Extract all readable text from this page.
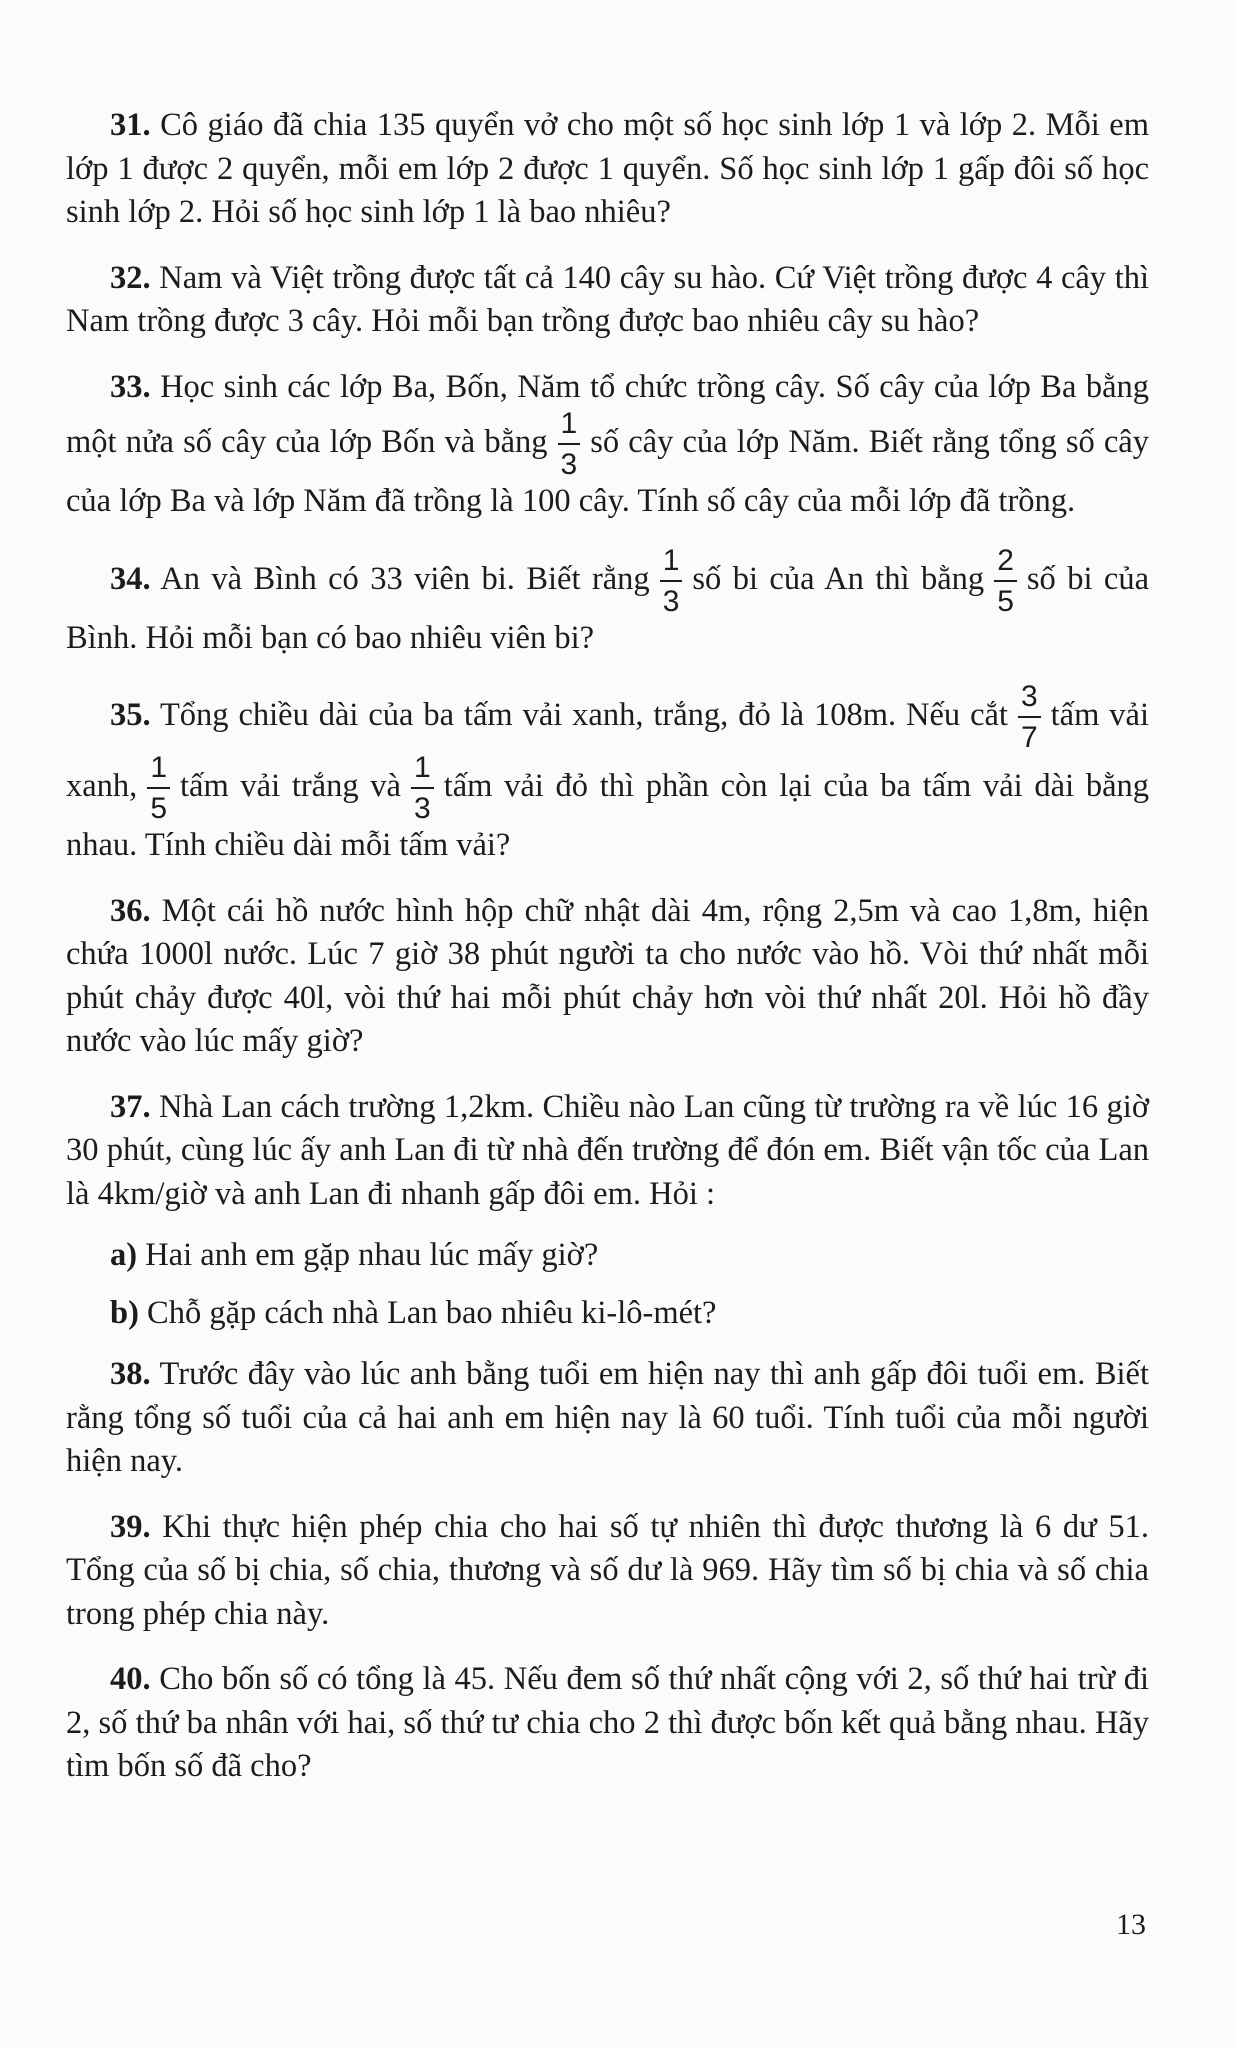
31. Cô giáo đã chia 135 quyển vở cho một số học sinh lớp 1 và lớp 2. Mỗi em lớp 1 được 2 quyển, mỗi em lớp 2 được 1 quyển. Số học sinh lớp 1 gấp đôi số học sinh lớp 2. Hỏi số học sinh lớp 1 là bao nhiêu?
32. Nam và Việt trồng được tất cả 140 cây su hào. Cứ Việt trồng được 4 cây thì Nam trồng được 3 cây. Hỏi mỗi bạn trồng được bao nhiêu cây su hào?
33. Học sinh các lớp Ba, Bốn, Năm tổ chức trồng cây. Số cây của lớp Ba bằng một nửa số cây của lớp Bốn và bằng $\frac{1}{3}$ số cây của lớp Năm. Biết rằng tổng số cây của lớp Ba và lớp Năm đã trồng là 100 cây. Tính số cây của mỗi lớp đã trồng.
34. An và Bình có 33 viên bi. Biết rằng $\frac{1}{3}$ số bi của An thì bằng $\frac{2}{5}$ số bi của Bình. Hỏi mỗi bạn có bao nhiêu viên bi?
35. Tổng chiều dài của ba tấm vải xanh, trắng, đỏ là 108m. Nếu cắt $\frac{3}{7}$ tấm vải xanh, $\frac{1}{5}$ tấm vải trắng và $\frac{1}{3}$ tấm vải đỏ thì phần còn lại của ba tấm vải dài bằng nhau. Tính chiều dài mỗi tấm vải?
36. Một cái hồ nước hình hộp chữ nhật dài 4m, rộng 2,5m và cao 1,8m, hiện chứa 1000l nước. Lúc 7 giờ 38 phút người ta cho nước vào hồ. Vòi thứ nhất mỗi phút chảy được 40l, vòi thứ hai mỗi phút chảy hơn vòi thứ nhất 20l. Hỏi hồ đầy nước vào lúc mấy giờ?
37. Nhà Lan cách trường 1,2km. Chiều nào Lan cũng từ trường ra về lúc 16 giờ 30 phút, cùng lúc ấy anh Lan đi từ nhà đến trường để đón em. Biết vận tốc của Lan là 4km/giờ và anh Lan đi nhanh gấp đôi em. Hỏi :
a) Hai anh em gặp nhau lúc mấy giờ?
b) Chỗ gặp cách nhà Lan bao nhiêu ki-lô-mét?
38. Trước đây vào lúc anh bằng tuổi em hiện nay thì anh gấp đôi tuổi em. Biết rằng tổng số tuổi của cả hai anh em hiện nay là 60 tuổi. Tính tuổi của mỗi người hiện nay.
39. Khi thực hiện phép chia cho hai số tự nhiên thì được thương là 6 dư 51. Tổng của số bị chia, số chia, thương và số dư là 969. Hãy tìm số bị chia và số chia trong phép chia này.
40. Cho bốn số có tổng là 45. Nếu đem số thứ nhất cộng với 2, số thứ hai trừ đi 2, số thứ ba nhân với hai, số thứ tư chia cho 2 thì được bốn kết quả bằng nhau. Hãy tìm bốn số đã cho?
13
